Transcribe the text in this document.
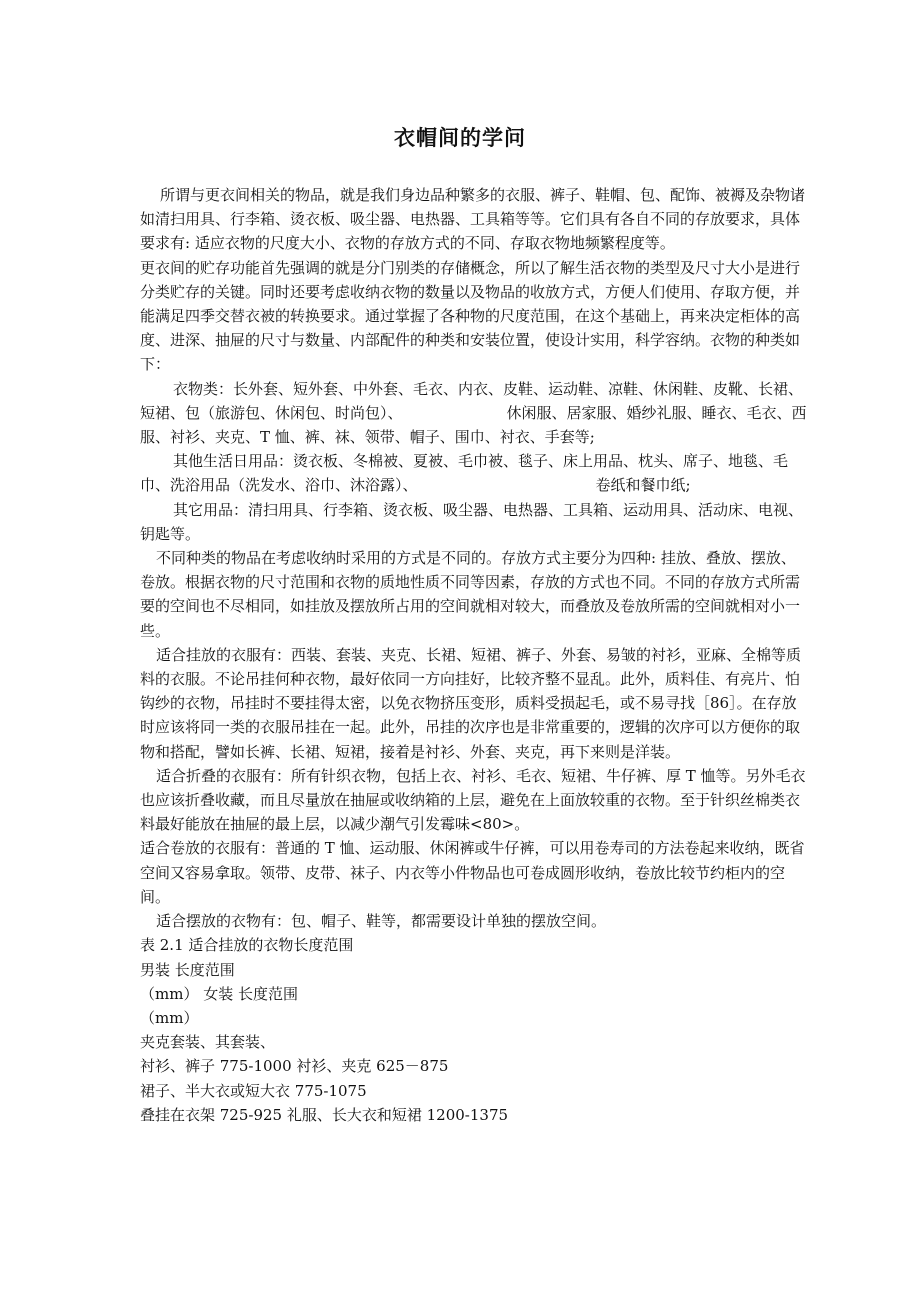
衣帽间的学问

所谓与更衣间相关的物品，就是我们身边品种繁多的衣服、裤子、鞋帽、包、配饰、被褥及杂物诸如清扫用具、行李箱、烫衣板、吸尘器、电热器、工具箱等等。它们具有各自不同的存放要求，具体要求有: 适应衣物的尺度大小、衣物的存放方式的不同、存取衣物地频繁程度等。

更衣间的贮存功能首先强调的就是分门别类的存储概念，所以了解生活衣物的类型及尺寸大小是进行分类贮存的关键。同时还要考虑收纳衣物的数量以及物品的收放方式，方便人们使用、存取方便，并能满足四季交替衣被的转换要求。通过掌握了各种物的尺度范围，在这个基础上，再来决定柜体的高度、进深、抽屉的尺寸与数量、内部配件的种类和安装位置，使设计实用，科学容纳。衣物的种类如下：

衣物类：长外套、短外套、中外套、毛衣、内衣、皮鞋、运动鞋、凉鞋、休闲鞋、皮靴、长裙、短裙、包（旅游包、休闲包、时尚包）、	休闲服、居家服、婚纱礼服、睡衣、毛衣、西服、衬衫、夹克、T 恤、裤、袜、领带、帽子、围巾、衬衣、手套等;

其他生活日用品：烫衣板、冬棉被、夏被、毛巾被、毯子、床上用品、枕头、席子、地毯、毛巾、洗浴用品（洗发水、浴巾、沐浴露）、	卷纸和餐巾纸;

其它用品：清扫用具、行李箱、烫衣板、吸尘器、电热器、工具箱、运动用具、活动床、电视、钥匙等。

不同种类的物品在考虑收纳时采用的方式是不同的。存放方式主要分为四种: 挂放、叠放、摆放、卷放。根据衣物的尺寸范围和衣物的质地性质不同等因素，存放的方式也不同。不同的存放方式所需要的空间也不尽相同，如挂放及摆放所占用的空间就相对较大，而叠放及卷放所需的空间就相对小一些。

适合挂放的衣服有：西装、套装、夹克、长裙、短裙、裤子、外套、易皱的衬衫，亚麻、全棉等质料的衣服。不论吊挂何种衣物，最好依同一方向挂好，比较齐整不显乱。此外，质料佳、有亮片、怕钩纱的衣物，吊挂时不要挂得太密，以免衣物挤压变形，质料受损起毛，或不易寻找［86］。在存放时应该将同一类的衣服吊挂在一起。此外，吊挂的次序也是非常重要的，逻辑的次序可以方便你的取物和搭配，譬如长裤、长裙、短裙，接着是衬衫、外套、夹克，再下来则是洋装。

适合折叠的衣服有：所有针织衣物，包括上衣、衬衫、毛衣、短裙、牛仔裤、厚 T 恤等。另外毛衣也应该折叠收藏，而且尽量放在抽屉或收纳箱的上层，避免在上面放较重的衣物。至于针织丝棉类衣料最好能放在抽屉的最上层，以减少潮气引发霉味<80>。

适合卷放的衣服有：普通的 T 恤、运动服、休闲裤或牛仔裤，可以用卷寿司的方法卷起来收纳，既省空间又容易拿取。领带、皮带、袜子、内衣等小件物品也可卷成圆形收纳，卷放比较节约柜内的空间。

适合摆放的衣物有：包、帽子、鞋等，都需要设计单独的摆放空间。

表 2.1 适合挂放的衣物长度范围

男装 长度范围

（mm） 女装 长度范围

（mm）

夹克套装、其套装、

衬衫、裤子 775-1000 衬衫、夹克 625－875

裙子、半大衣或短大衣 775-1075

叠挂在衣架 725-925 礼服、长大衣和短裙 1200-1375
